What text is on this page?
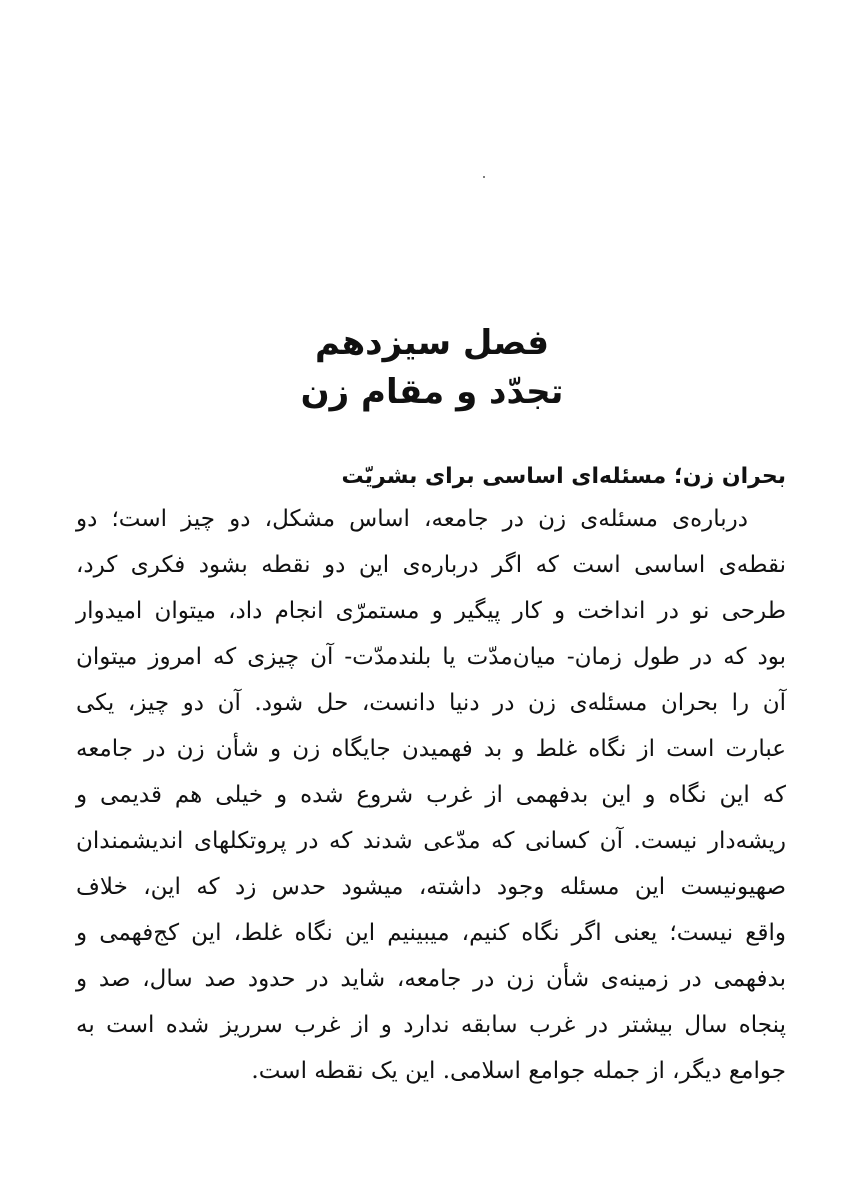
فصل سیزدهم
تجدّد و مقام زن
بحران زن؛ مسئله‌ای اساسی برای بشریّت
درباره‌ی مسئله‌ی زن در جامعه، اساس مشکل، دو چیز است؛ دو
نقطه‌ی اساسی است که اگر درباره‌ی این دو نقطه بشود فکری کرد،
طرحی نو در انداخت و کار پیگیر و مستمرّی انجام داد، میتوان امیدوار
بود که در طول زمان- میان‌مدّت یا بلندمدّت- آن چیزی که امروز میتوان
آن را بحران مسئله‌ی زن در دنیا دانست، حل شود. آن دو چیز، یکی
عبارت است از نگاه غلط و بد فهمیدن جایگاه زن و شأن زن در جامعه
که این نگاه و این بدفهمی از غرب شروع شده و خیلی هم قدیمی و
ریشه‌دار نیست. آن کسانی که مدّعی شدند که در پروتکلهای اندیشمندان
صهیونیست این مسئله وجود داشته، میشود حدس زد که این، خلاف
واقع نیست؛ یعنی اگر نگاه کنیم، میبینیم این نگاه غلط، این کج‌فهمی و
بدفهمی در زمینه‌ی شأن زن در جامعه، شاید در حدود صد سال، صد و
پنجاه سال بیشتر در غرب سابقه ندارد و از غرب سرریز شده است به
جوامع دیگر، از جمله جوامع اسلامی. این یک نقطه است.
